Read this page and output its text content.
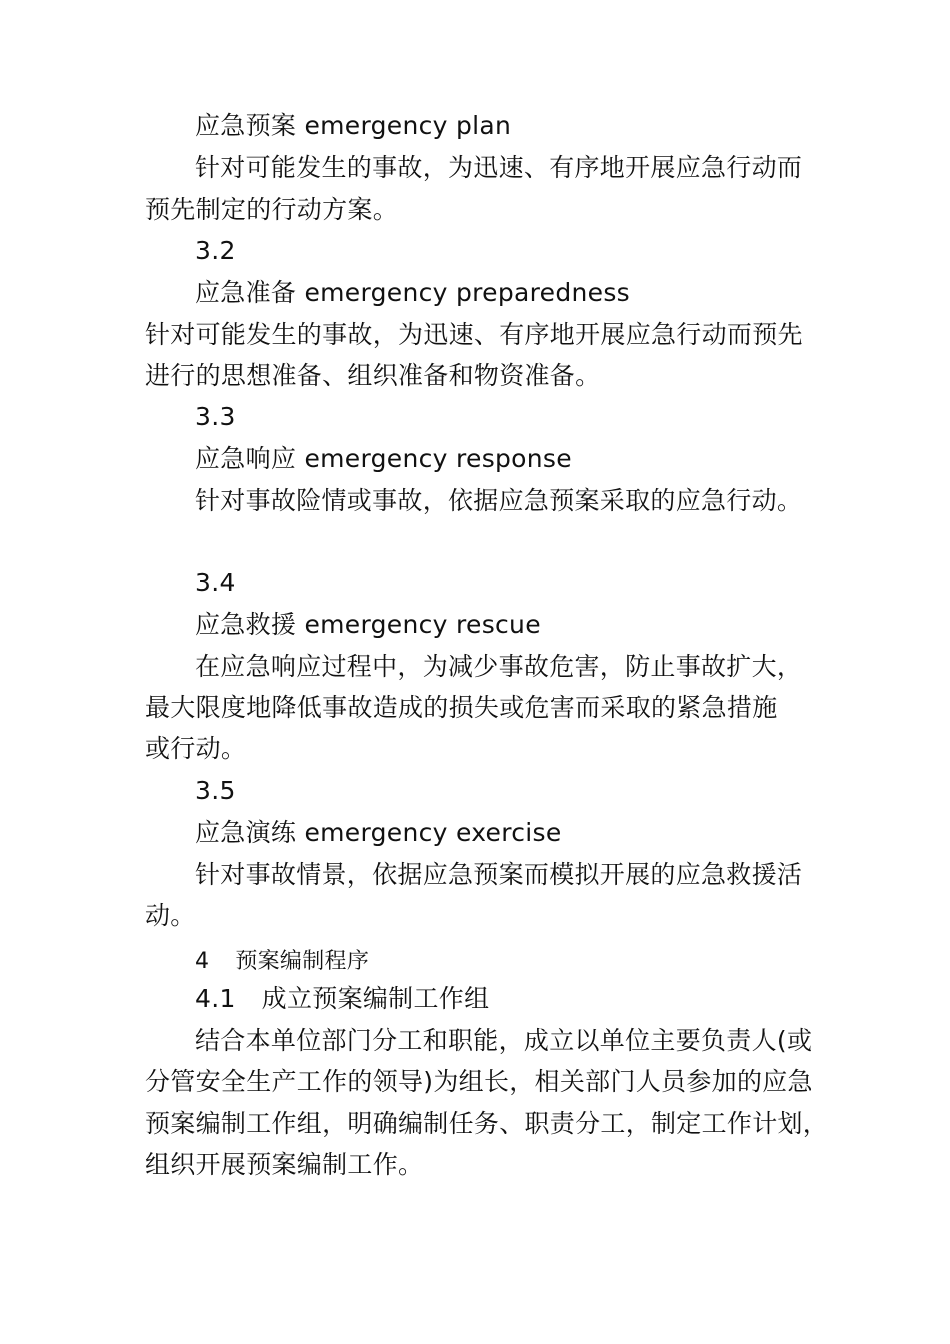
应急预案 emergency plan
针对可能发生的事故，为迅速、有序地开展应急行动而
预先制定的行动方案。
3.2
应急准备 emergency preparedness
针对可能发生的事故，为迅速、有序地开展应急行动而预先
进行的思想准备、组织准备和物资准备。
3.3
应急响应 emergency response
针对事故险情或事故，依据应急预案采取的应急行动。
3.4
应急救援 emergency rescue
在应急响应过程中，为减少事故危害，防止事故扩大，
最大限度地降低事故造成的损失或危害而采取的紧急措施
或行动。
3.5
应急演练 emergency exercise
针对事故情景，依据应急预案而模拟开展的应急救援活
动。
4 预案编制程序
4.1 成立预案编制工作组
结合本单位部门分工和职能，成立以单位主要负责人(或
分管安全生产工作的领导)为组长，相关部门人员参加的应急
预案编制工作组，明确编制任务、职责分工，制定工作计划，
组织开展预案编制工作。
